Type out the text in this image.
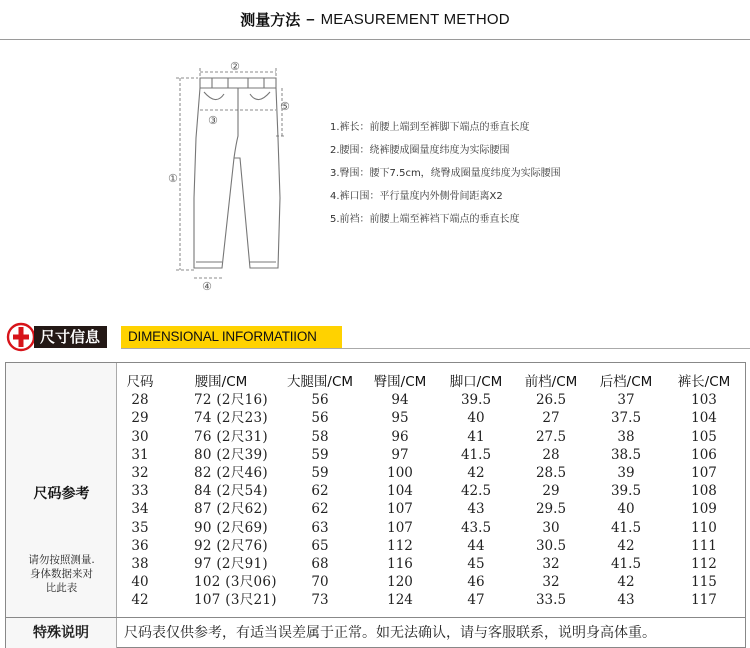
测量方法 – MEASUREMENT METHOD
①
②
③
④
⑤
1.裤长：前腰上端到至裤脚下端点的垂直长度
2.腰围：绕裤腰成圈量度纬度为实际腰围
3.臀围：腰下7.5cm，绕臀成圈量度纬度为实际腰围
4.裤口围：平行量度内外侧骨间距离X2
5.前裆：前腰上端至裤裆下端点的垂直长度
尺寸信息	DIMENSIONAL INFORMATIION
尺码参考
请勿按照测量.
身体数据来对
比此表
尺码	腰围/CM	大腿围/CM	臀围/CM	脚口/CM	前档/CM	后档/CM	裤长/CM
28	72 (2尺16)	56	94	39.5	26.5	37	103
29	74 (2尺23)	56	95	40	27	37.5	104
30	76 (2尺31)	58	96	41	27.5	38	105
31	80 (2尺39)	59	97	41.5	28	38.5	106
32	82 (2尺46)	59	100	42	28.5	39	107
33	84 (2尺54)	62	104	42.5	29	39.5	108
34	87 (2尺62)	62	107	43	29.5	40	109
35	90 (2尺69)	63	107	43.5	30	41.5	110
36	92 (2尺76)	65	112	44	30.5	42	111
38	97 (2尺91)	68	116	45	32	41.5	112
40	102 (3尺06)	70	120	46	32	42	115
42	107 (3尺21)	73	124	47	33.5	43	117
特殊说明	尺码表仅供参考，有适当误差属于正常。如无法确认，请与客服联系，说明身高体重。
